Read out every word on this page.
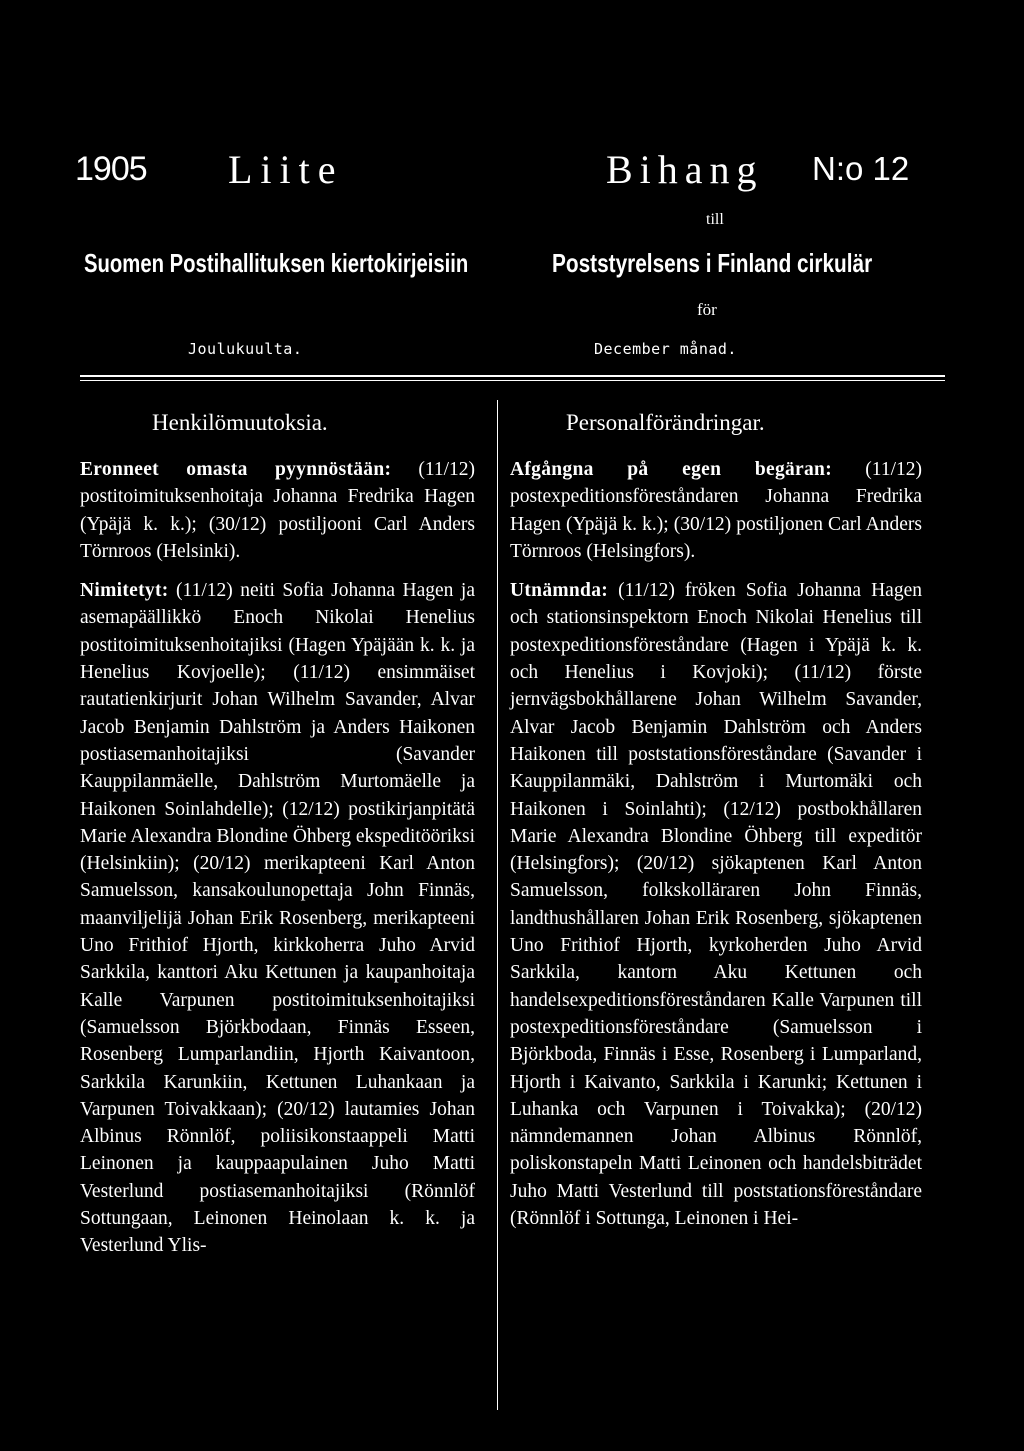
1905 Liite	Bihang N:o 12
till
Suomen Postihallituksen kiertokirjeisiin	Poststyrelsens i Finland cirkulär
för
Joulukuulta.	December månad.
Henkilömuutoksia.	Personalförändringar.

Eronneet omasta pyynnöstään: (11/12) postitoimituksenhoitaja Johanna Fredrika Hagen (Ypäjä k. k.); (30/12) postiljooni Carl Anders Törnroos (Helsinki).

Nimitetyt: (11/12) neiti Sofia Johanna Hagen ja asemapäällikkö Enoch Nikolai Henelius postitoimituksenhoitajiksi (Hagen Ypäjään k. k. ja Henelius Kovjoelle); (11/12) ensimmäiset rautatienkirjurit Johan Wilhelm Savander, Alvar Jacob Benjamin Dahlström ja Anders Haikonen postiasemanhoitajiksi (Savander Kauppilanmäelle, Dahlström Murtomäelle ja Haikonen Soinlahdelle); (12/12) postikirjanpitätä Marie Alexandra Blondine Öhberg ekspeditööriksi (Helsinkiin); (20/12) merikapteeni Karl Anton Samuelsson, kansakoulunopettaja John Finnäs, maanviljelijä Johan Erik Rosenberg, merikapteeni Uno Frithiof Hjorth, kirkkoherra Juho Arvid Sarkkila, kanttori Aku Kettunen ja kaupanhoitaja Kalle Varpunen postitoimituksenhoitajiksi (Samuelsson Björkbodaan, Finnäs Esseen, Rosenberg Lumparlandiin, Hjorth Kaivantoon, Sarkkila Karunkiin, Kettunen Luhankaan ja Varpunen Toivakkaan); (20/12) lautamies Johan Albinus Rönnlöf, poliisikonstaappeli Matti Leinonen ja kauppaapulainen Juho Matti Vesterlund postiasemanhoitajiksi (Rönnlöf Sottungaan, Leinonen Heinolaan k. k. ja Vesterlund Ylis-

Afgångna på egen begäran: (11/12) postexpeditionsföreståndaren Johanna Fredrika Hagen (Ypäjä k. k.); (30/12) postiljonen Carl Anders Törnroos (Helsingfors).

Utnämnda: (11/12) fröken Sofia Johanna Hagen och stationsinspektorn Enoch Nikolai Henelius till postexpeditionsföreståndare (Hagen i Ypäjä k. k. och Henelius i Kovjoki); (11/12) förste jernvägsbokhållarene Johan Wilhelm Savander, Alvar Jacob Benjamin Dahlström och Anders Haikonen till poststationsföreståndare (Savander i Kauppilanmäki, Dahlström i Murtomäki och Haikonen i Soinlahti); (12/12) postbokhållaren Marie Alexandra Blondine Öhberg till expeditör (Helsingfors); (20/12) sjökaptenen Karl Anton Samuelsson, folkskolläraren John Finnäs, landthushållaren Johan Erik Rosenberg, sjökaptenen Uno Frithiof Hjorth, kyrkoherden Juho Arvid Sarkkila, kantorn Aku Kettunen och handelsexpeditionsföreståndaren Kalle Varpunen till postexpeditionsföreståndare (Samuelsson i Björkboda, Finnäs i Esse, Rosenberg i Lumparland, Hjorth i Kaivanto, Sarkkila i Karunki; Kettunen i Luhanka och Varpunen i Toivakka); (20/12) nämndemannen Johan Albinus Rönnlöf, poliskonstapeln Matti Leinonen och handelsbiträdet Juho Matti Vesterlund till poststationsföreståndare (Rönnlöf i Sottunga, Leinonen i Hei-
